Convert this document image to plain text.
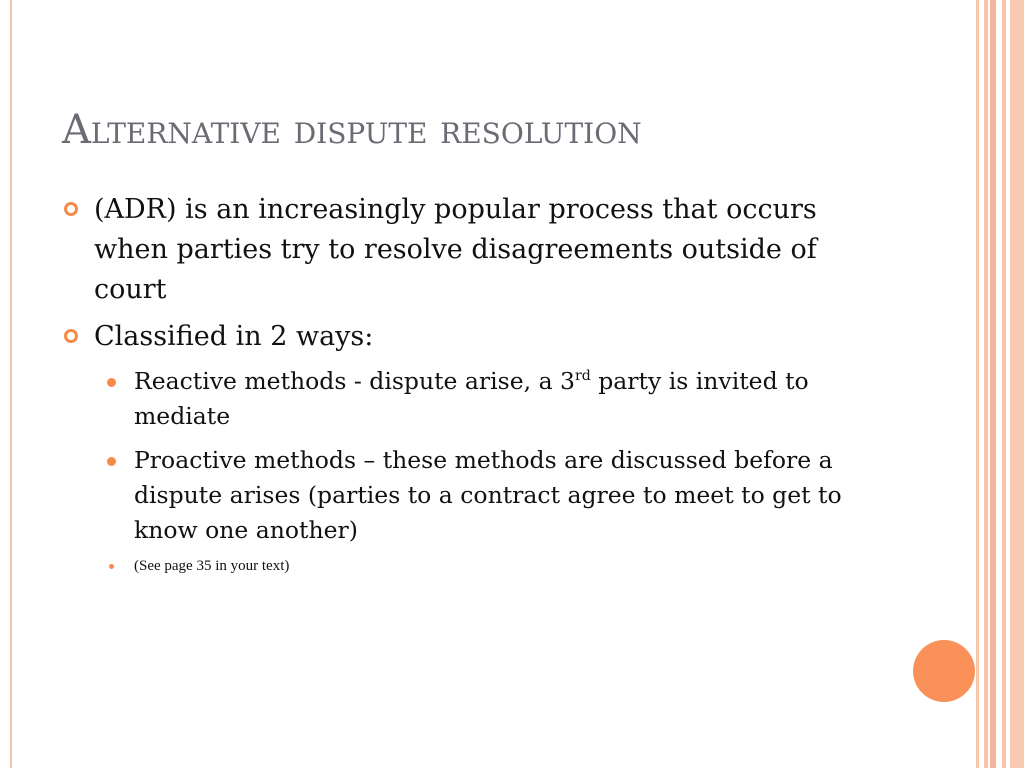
Alternative dispute resolution
(ADR) is an increasingly popular process that occurs when parties try to resolve disagreements outside of court
Classified in 2 ways:
Reactive methods - dispute arise, a 3rd party is invited to mediate
Proactive methods – these methods are discussed before a dispute arises (parties to a contract agree to meet to get to know one another)
(See page 35 in your text)
